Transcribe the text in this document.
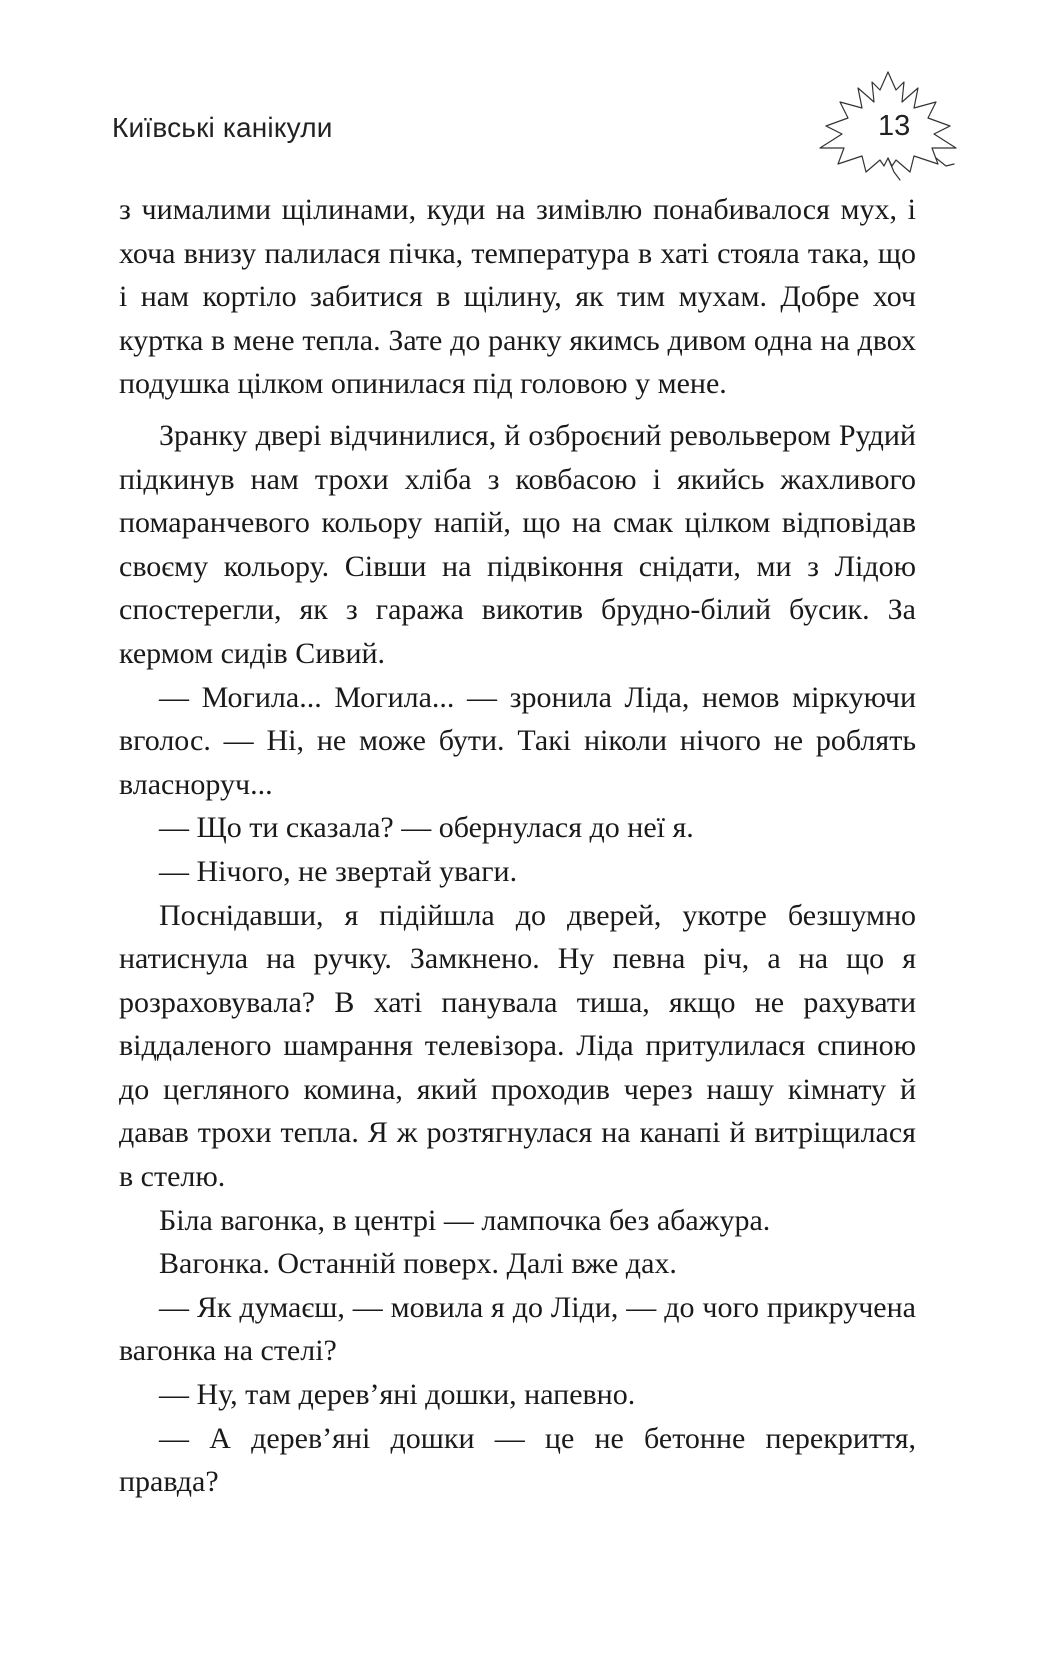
Київські канікули	13

з чималими щілинами, куди на зимівлю понабивалося мух, і хоча внизу палилася пічка, температура в хаті стояла така, що і нам кортіло забитися в щілину, як тим мухам. Добре хоч куртка в мене тепла. Зате до ранку якимсь дивом одна на двох подушка цілком опинилася під головою у мене.

Зранку двері відчинилися, й озброєний револьвером Рудий підкинув нам трохи хліба з ковбасою і якийсь жахливого помаранчевого кольору напій, що на смак цілком відповідав своєму кольору. Сівши на підвіконня снідати, ми з Лідою спостерегли, як з гаража викотив брудно-білий бусик. За кермом сидів Сивий.

— Могила... Могила... — зронила Ліда, немов міркуючи вголос. — Ні, не може бути. Такі ніколи нічого не роблять власноруч...

— Що ти сказала? — обернулася до неї я.

— Нічого, не звертай уваги.

Поснідавши, я підійшла до дверей, укотре безшумно натиснула на ручку. Замкнено. Ну певна річ, а на що я розраховувала? В хаті панувала тиша, якщо не рахувати віддаленого шамрання телевізора. Ліда притулилася спиною до цегляного комина, який проходив через нашу кімнату й давав трохи тепла. Я ж розтягнулася на канапі й витріщилася в стелю.

Біла вагонка, в центрі — лампочка без абажура.

Вагонка. Останній поверх. Далі вже дах.

— Як думаєш, — мовила я до Ліди, — до чого прикручена вагонка на стелі?

— Ну, там дерев’яні дошки, напевно.

— А дерев’яні дошки — це не бетонне перекриття, правда?
